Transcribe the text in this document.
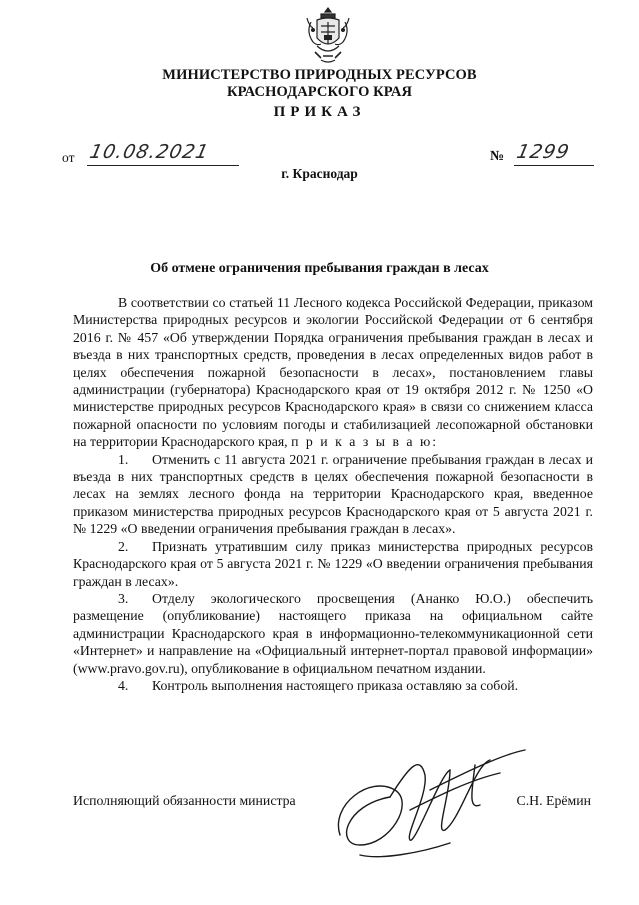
МИНИСТЕРСТВО ПРИРОДНЫХ РЕСУРСОВ
КРАСНОДАРСКОГО КРАЯ
ПРИКАЗ
от 10.08.2021	№ 1299
г. Краснодар
Об отмене ограничения пребывания граждан в лесах

В соответствии со статьей 11 Лесного кодекса Российской Федерации, приказом Министерства природных ресурсов и экологии Российской Федерации от 6 сентября 2016 г. № 457 «Об утверждении Порядка ограничения пребывания граждан в лесах и въезда в них транспортных средств, проведения в лесах определенных видов работ в целях обеспечения пожарной безопасности в лесах», постановлением главы администрации (губернатора) Краснодарского края от 19 октября 2012 г. № 1250 «О министерстве природных ресурсов Краснодарского края» в связи со снижением класса пожарной опасности по условиям погоды и стабилизацией лесопожарной обстановки на территории Краснодарского края, п р и к а з ы в а ю:

1. Отменить с 11 августа 2021 г. ограничение пребывания граждан в лесах и въезда в них транспортных средств в целях обеспечения пожарной безопасности в лесах на землях лесного фонда на территории Краснодарского края, введенное приказом министерства природных ресурсов Краснодарского края от 5 августа 2021 г. № 1229 «О введении ограничения пребывания граждан в лесах».

2. Признать утратившим силу приказ министерства природных ресурсов Краснодарского края от 5 августа 2021 г. № 1229 «О введении ограничения пребывания граждан в лесах».

3. Отделу экологического просвещения (Ананко Ю.О.) обеспечить размещение (опубликование) настоящего приказа на официальном сайте администрации Краснодарского края в информационно-телекоммуникационной сети «Интернет» и направление на «Официальный интернет-портал правовой информации» (www.pravo.gov.ru), опубликование в официальном печатном издании.

4. Контроль выполнения настоящего приказа оставляю за собой.

Исполняющий обязанности министра	С.Н. Ерёмин
